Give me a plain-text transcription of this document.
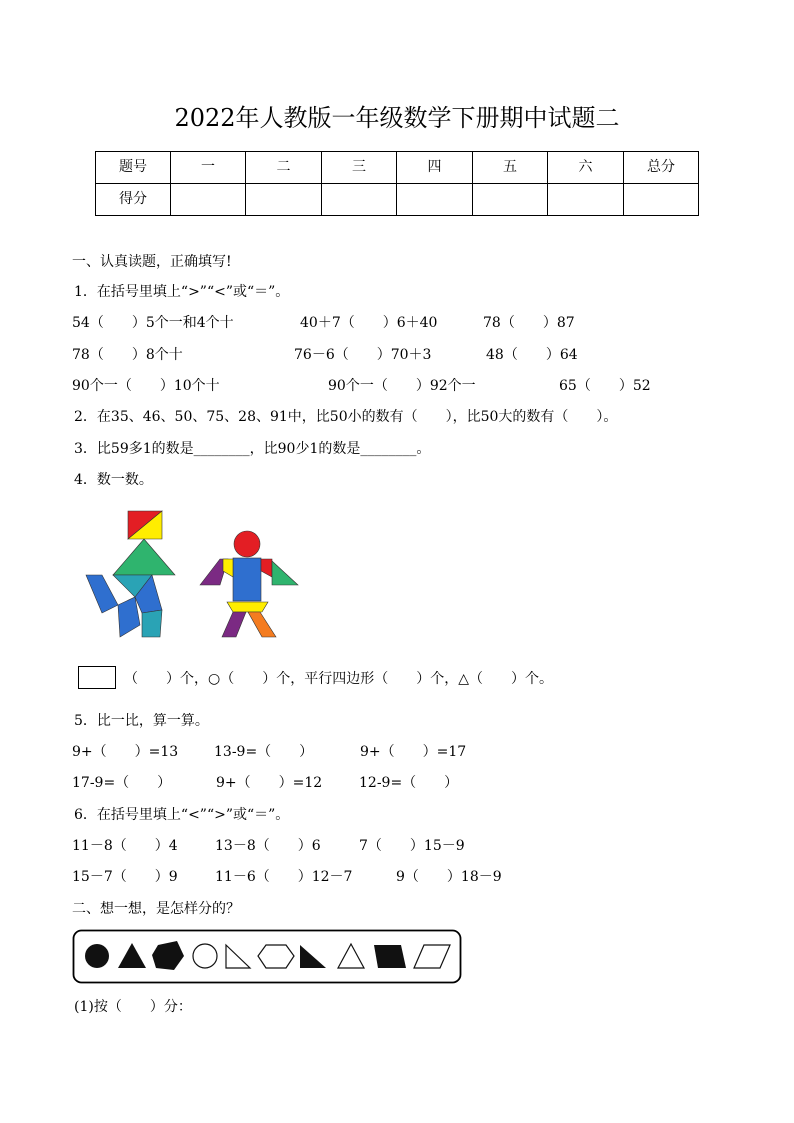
2022年人教版一年级数学下册期中试题二
题号	一	二	三	四	五	六	总分
得分							
一、认真读题，正确填写!
1．在括号里填上“>”“<”或“＝”。
54（　　）5个一和4个十	40＋7（　　）6＋40	78（　　）87
78（　　）8个十	76－6（　　）70＋3	48（　　）64
90个一（　　）10个十	90个一（　　）92个一	65（　　）52
2．在35、46、50、75、28、91中，比50小的数有（　　），比50大的数有（　　）。
3．比59多1的数是________，比90少1的数是________。
4．数一数。
（　　）个，○（　　）个，平行四边形（　　）个，△（　　）个。
5．比一比，算一算。
9+（　　）=13	13-9=（　　）	9+（　　）=17
17-9=（　　）	9+（　　）=12	12-9=（　　）
6．在括号里填上“<”“>”或“＝”。
11－8（　　）4	13－8（　　）6	7（　　）15－9
15－7（　　）9	11－6（　　）12－7	9（　　）18－9
二、想一想，是怎样分的？
(1)按（　　）分：
